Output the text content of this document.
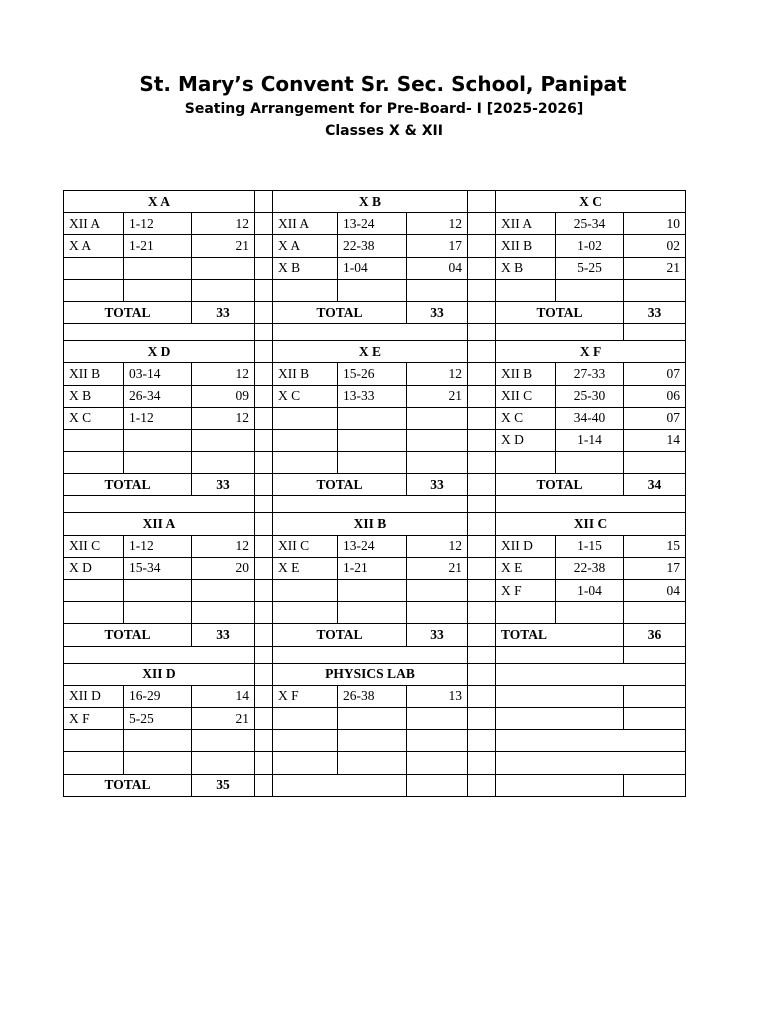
St. Mary’s Convent Sr. Sec. School, Panipat
Seating Arrangement for Pre-Board- I [2025-2026]
Classes X & XII
X A				X B				X C		
XII A	1-12	12		XII A	13-24	12		XII A	25-34	10
X A	1-21	21		X A	22-38	17		XII B	1-02	02
				X B	1-04	04		X B	5-25	21

TOTAL		33		TOTAL		33		TOTAL		33

X D				X E				X F		
XII B	03-14	12		XII B	15-26	12		XII B	27-33	07
X B	26-34	09		X C	13-33	21		XII C	25-30	06
X C	1-12	12						X C	34-40	07
								X D	1-14	14

TOTAL		33		TOTAL		33		TOTAL		34

XII A				XII B				XII C		
XII C	1-12	12		XII C	13-24	12		XII D	1-15	15
X D	15-34	20		X E	1-21	21		X E	22-38	17
								X F	1-04	04

TOTAL		33		TOTAL		33		TOTAL		36

XII D				PHYSICS LAB						
XII D	16-29	14		X F	26-38	13				
X F	5-25	21								

TOTAL		35								
